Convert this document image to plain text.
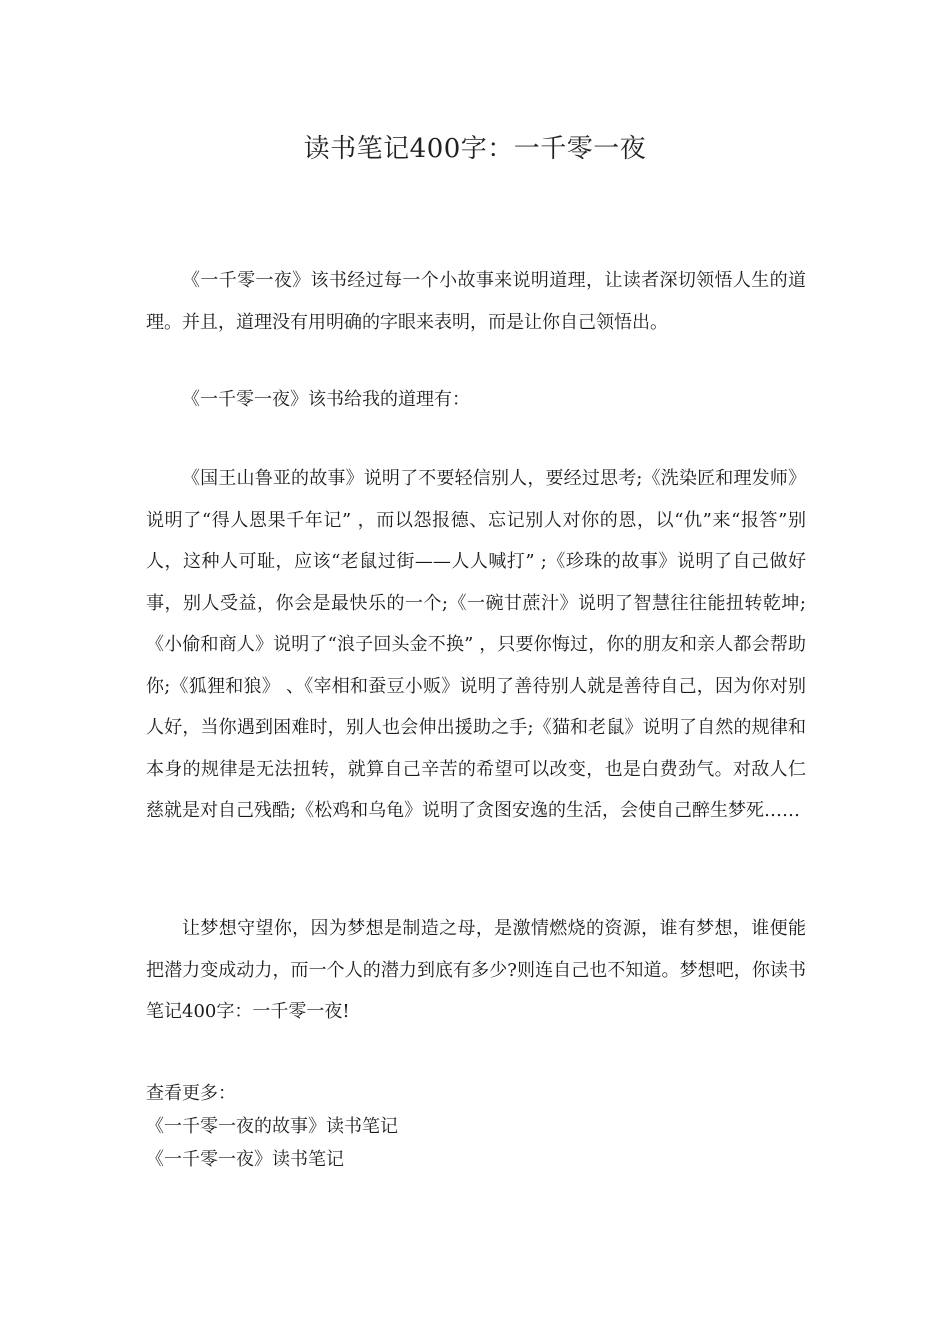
读书笔记400字：一千零一夜

《一千零一夜》该书经过每一个小故事来说明道理，让读者深切领悟人生的道理。并且，道理没有用明确的字眼来表明，而是让你自己领悟出。

《一千零一夜》该书给我的道理有：

《国王山鲁亚的故事》说明了不要轻信别人，要经过思考;《洗染匠和理发师》说明了“得人恩果千年记” ，而以怨报德、忘记别人对你的恩，以“仇”来“报答”别人，这种人可耻，应该“老鼠过街——人人喊打” ;《珍珠的故事》说明了自己做好事，别人受益，你会是最快乐的一个;《一碗甘蔗汁》说明了智慧往往能扭转乾坤;《小偷和商人》说明了“浪子回头金不换” ，只要你悔过，你的朋友和亲人都会帮助你;《狐狸和狼》 、《宰相和蚕豆小贩》说明了善待别人就是善待自己，因为你对别人好，当你遇到困难时，别人也会伸出援助之手;《猫和老鼠》说明了自然的规律和本身的规律是无法扭转，就算自己辛苦的希望可以改变，也是白费劲气。对敌人仁慈就是对自己残酷;《松鸡和乌龟》说明了贪图安逸的生活，会使自己醉生梦死……

让梦想守望你，因为梦想是制造之母，是激情燃烧的资源，谁有梦想，谁便能把潜力变成动力，而一个人的潜力到底有多少?则连自己也不知道。梦想吧，你读书笔记400字：一千零一夜!

查看更多：
《一千零一夜的故事》读书笔记
《一千零一夜》读书笔记
